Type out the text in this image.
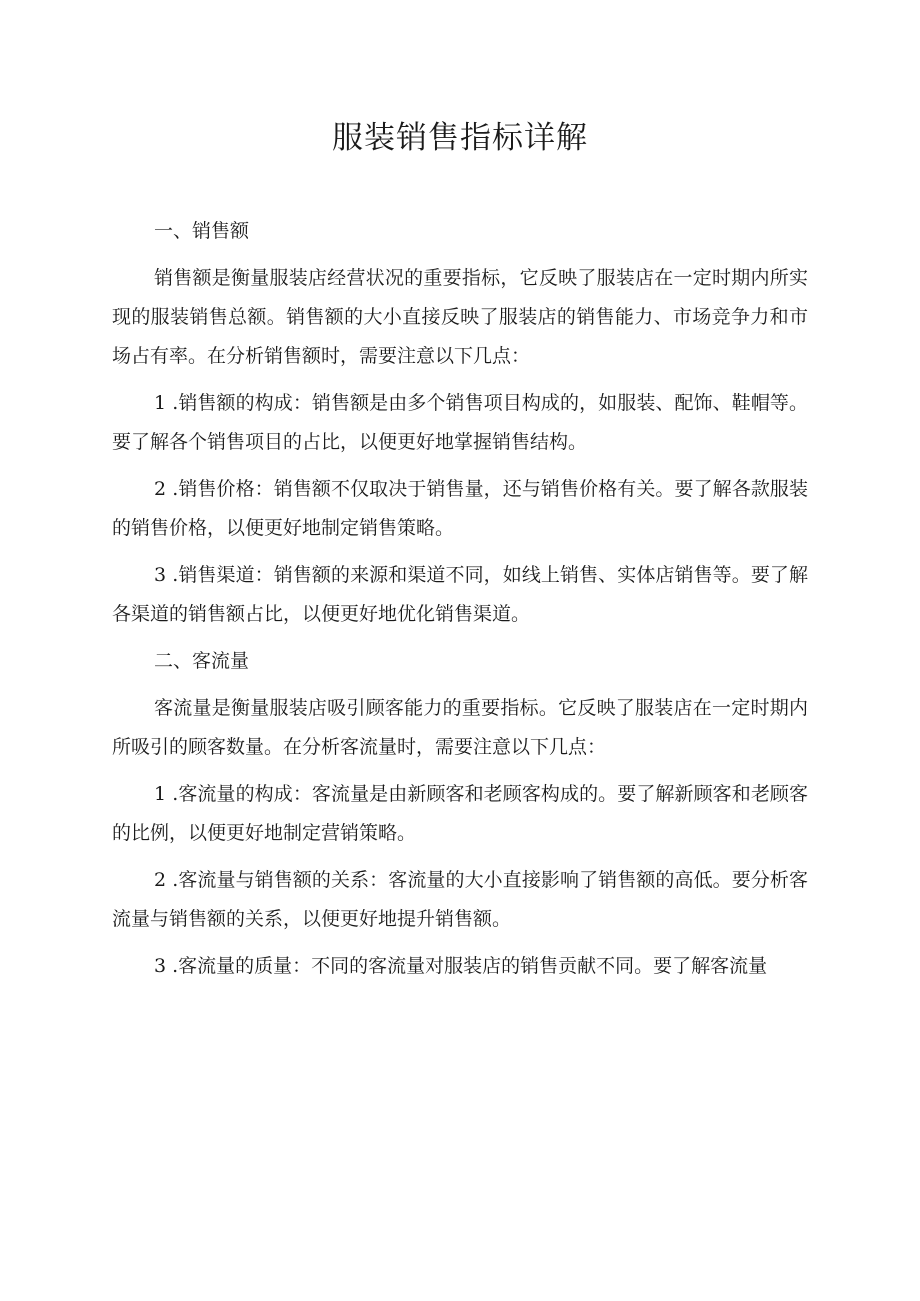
服装销售指标详解

一、销售额

销售额是衡量服装店经营状况的重要指标，它反映了服装店在一定时期内所实现的服装销售总额。销售额的大小直接反映了服装店的销售能力、市场竞争力和市场占有率。在分析销售额时，需要注意以下几点：

1 .销售额的构成：销售额是由多个销售项目构成的，如服装、配饰、鞋帽等。要了解各个销售项目的占比，以便更好地掌握销售结构。

2 .销售价格：销售额不仅取决于销售量，还与销售价格有关。要了解各款服装的销售价格，以便更好地制定销售策略。

3 .销售渠道：销售额的来源和渠道不同，如线上销售、实体店销售等。要了解各渠道的销售额占比，以便更好地优化销售渠道。

二、客流量

客流量是衡量服装店吸引顾客能力的重要指标。它反映了服装店在一定时期内所吸引的顾客数量。在分析客流量时，需要注意以下几点：

1 .客流量的构成：客流量是由新顾客和老顾客构成的。要了解新顾客和老顾客的比例，以便更好地制定营销策略。

2 .客流量与销售额的关系：客流量的大小直接影响了销售额的高低。要分析客流量与销售额的关系，以便更好地提升销售额。

3 .客流量的质量：不同的客流量对服装店的销售贡献不同。要了解客流量
